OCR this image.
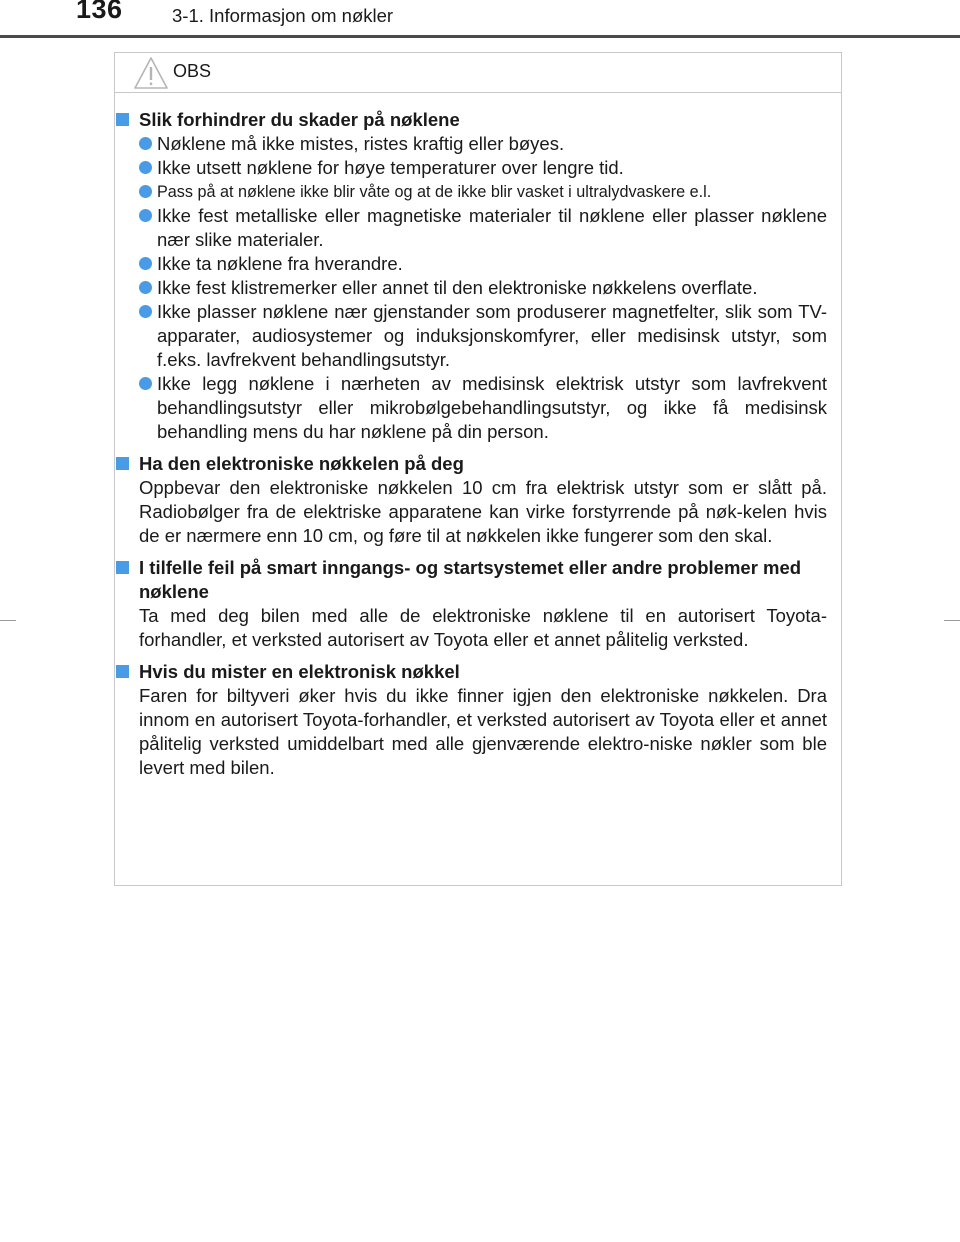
136	3-1. Informasjon om nøkler
OBS

Slik forhindrer du skader på nøklene

Nøklene må ikke mistes, ristes kraftig eller bøyes.

Ikke utsett nøklene for høye temperaturer over lengre tid.

Pass på at nøklene ikke blir våte og at de ikke blir vasket i ultralydvaskere e.l.

Ikke fest metalliske eller magnetiske materialer til nøklene eller plasser nøklene nær slike materialer.

Ikke ta nøklene fra hverandre.

Ikke fest klistremerker eller annet til den elektroniske nøkkelens overflate.

Ikke plasser nøklene nær gjenstander som produserer magnetfelter, slik som TV-apparater, audiosystemer og induksjonskomfyrer, eller medisinsk utstyr, som f.eks. lavfrekvent behandlingsutstyr.

Ikke legg nøklene i nærheten av medisinsk elektrisk utstyr som lavfrekvent behandlingsutstyr eller mikrobølgebehandlingsutstyr, og ikke få medisinsk behandling mens du har nøklene på din person.

Ha den elektroniske nøkkelen på deg

Oppbevar den elektroniske nøkkelen 10 cm fra elektrisk utstyr som er slått på. Radiobølger fra de elektriske apparatene kan virke forstyrrende på nøk-kelen hvis de er nærmere enn 10 cm, og føre til at nøkkelen ikke fungerer som den skal.

I tilfelle feil på smart inngangs- og startsystemet eller andre problemer med nøklene

Ta med deg bilen med alle de elektroniske nøklene til en autorisert Toyota-forhandler, et verksted autorisert av Toyota eller et annet pålitelig verksted.

Hvis du mister en elektronisk nøkkel

Faren for biltyveri øker hvis du ikke finner igjen den elektroniske nøkkelen. Dra innom en autorisert Toyota-forhandler, et verksted autorisert av Toyota eller et annet pålitelig verksted umiddelbart med alle gjenværende elektro-niske nøkler som ble levert med bilen.
